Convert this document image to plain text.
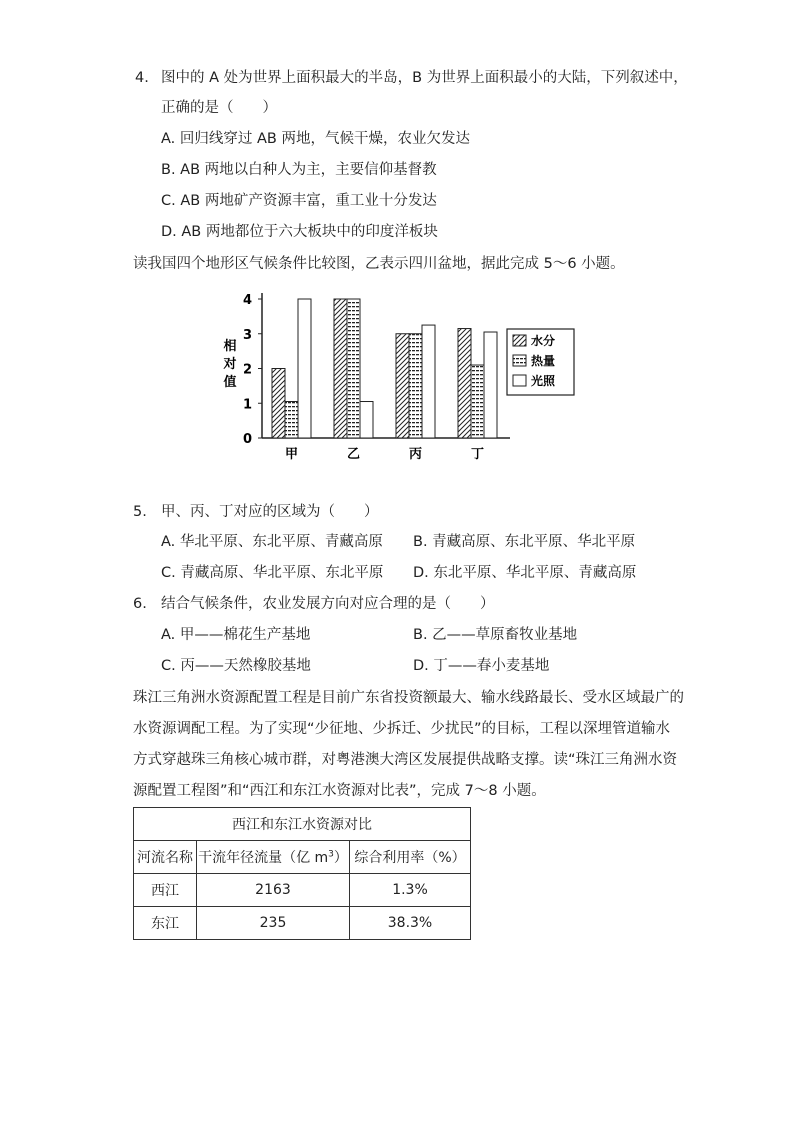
4. 图中的 A 处为世界上面积最大的半岛，B 为世界上面积最小的大陆，下列叙述中，
正确的是（　　）
A. 回归线穿过 AB 两地，气候干燥，农业欠发达
B. AB 两地以白种人为主，主要信仰基督教
C. AB 两地矿产资源丰富，重工业十分发达
D. AB 两地都位于六大板块中的印度洋板块
读我国四个地形区气候条件比较图，乙表示四川盆地，据此完成 5～6 小题。
相
对
值
0
1
2
3
4
甲	乙	丙	丁
水分
热量
光照
5. 甲、丙、丁对应的区域为（　　）
A. 华北平原、东北平原、青藏高原 B. 青藏高原、东北平原、华北平原
C. 青藏高原、华北平原、东北平原 D. 东北平原、华北平原、青藏高原
6. 结合气候条件，农业发展方向对应合理的是（　　）
A. 甲——棉花生产基地	B. 乙——草原畜牧业基地
C. 丙——天然橡胶基地	D. 丁——春小麦基地
珠江三角洲水资源配置工程是目前广东省投资额最大、输水线路最长、受水区域最广的
水资源调配工程。为了实现“少征地、少拆迁、少扰民”的目标，工程以深埋管道输水
方式穿越珠三角核心城市群，对粤港澳大湾区发展提供战略支撑。读“珠江三角洲水资
源配置工程图”和“西江和东江水资源对比表”，完成 7～8 小题。
西江和东江水资源对比		
河流名称	干流年径流量（亿 $m^3$）	综合利用率（%）
西江	2163	1.3%
东江	235	38.3%
